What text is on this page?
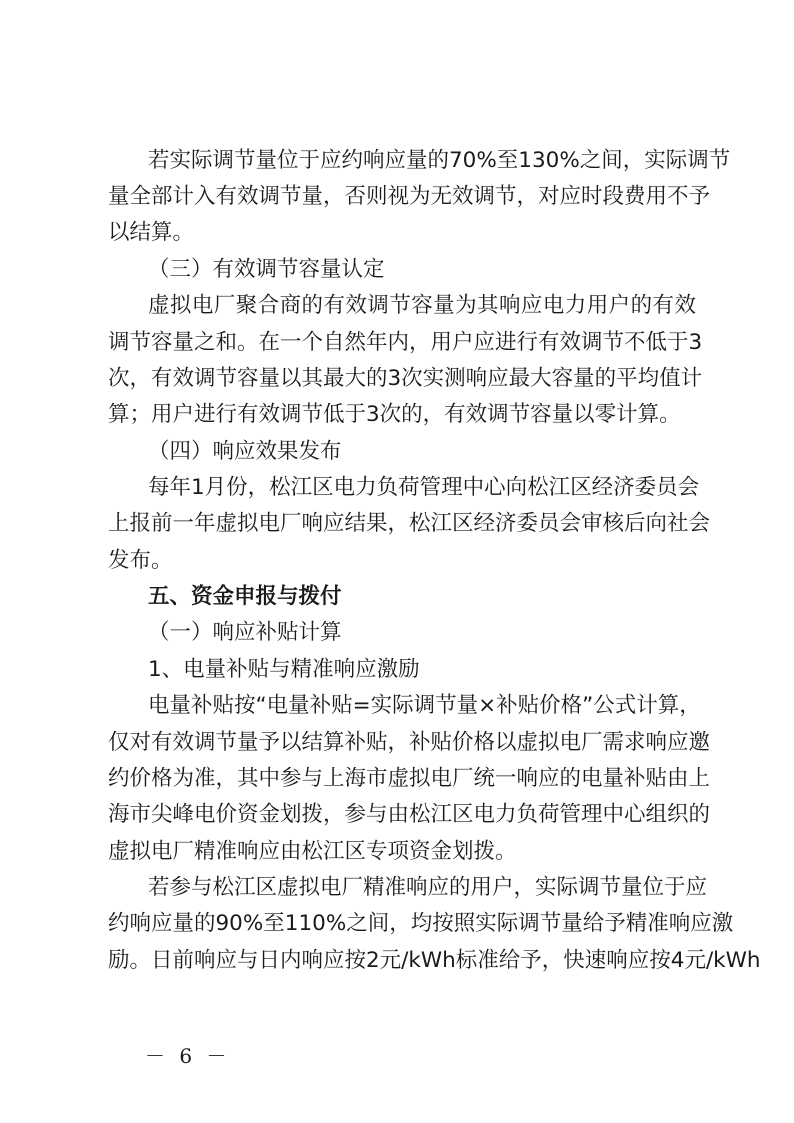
若实际调节量位于应约响应量的70%至130%之间，实际调节
量全部计入有效调节量，否则视为无效调节，对应时段费用不予
以结算。
（三）有效调节容量认定
虚拟电厂聚合商的有效调节容量为其响应电力用户的有效
调节容量之和。在一个自然年内，用户应进行有效调节不低于3
次，有效调节容量以其最大的3次实测响应最大容量的平均值计
算；用户进行有效调节低于3次的，有效调节容量以零计算。
（四）响应效果发布
每年1月份，松江区电力负荷管理中心向松江区经济委员会
上报前一年虚拟电厂响应结果，松江区经济委员会审核后向社会
发布。
五、资金申报与拨付
（一）响应补贴计算
1、电量补贴与精准响应激励
电量补贴按“电量补贴=实际调节量×补贴价格”公式计算，
仅对有效调节量予以结算补贴，补贴价格以虚拟电厂需求响应邀
约价格为准，其中参与上海市虚拟电厂统一响应的电量补贴由上
海市尖峰电价资金划拨，参与由松江区电力负荷管理中心组织的
虚拟电厂精准响应由松江区专项资金划拨。
若参与松江区虚拟电厂精准响应的用户，实际调节量位于应
约响应量的90%至110%之间，均按照实际调节量给予精准响应激
励。日前响应与日内响应按2元/kWh标准给予，快速响应按4元/kWh
－ 6 －
